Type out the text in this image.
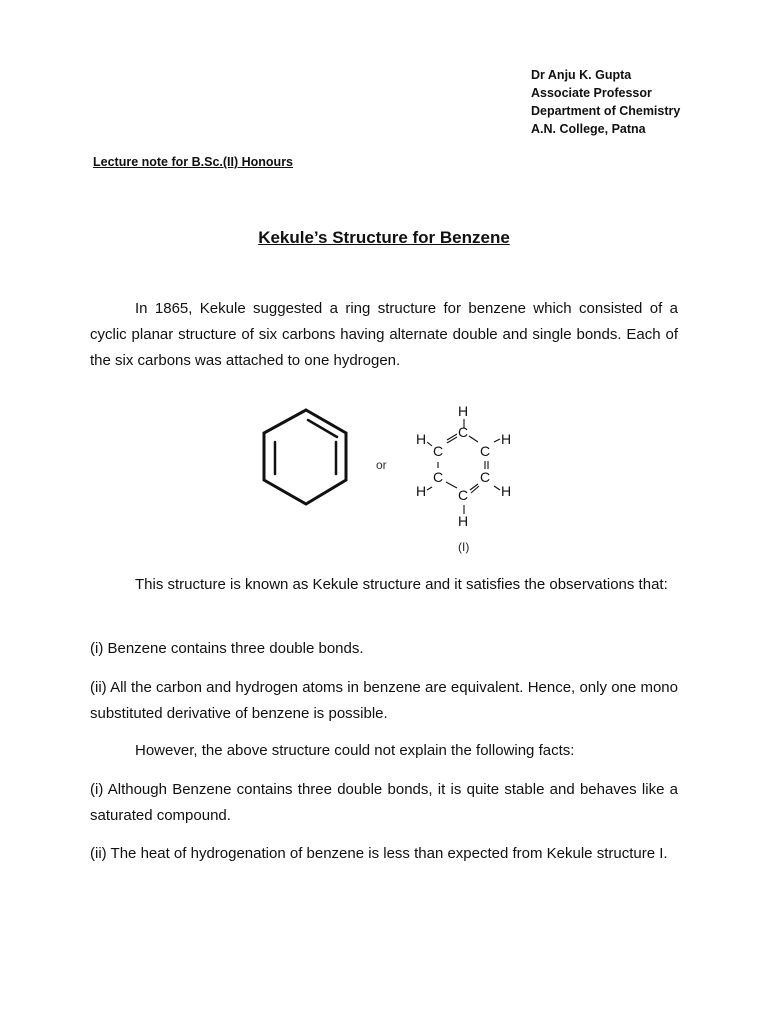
Dr Anju K. Gupta
Associate Professor
Department of Chemistry
A.N. College, Patna
Lecture note for B.Sc.(II) Honours
Kekule’s Structure for Benzene

In 1865, Kekule suggested a ring structure for benzene which consisted of a cyclic planar structure of six carbons having alternate double and single bonds. Each of the six carbons was attached to one hydrogen.

or
H
H	H
H	H
H
C
C	C
C	C
C
(I)

This structure is known as Kekule structure and it satisfies the observations that:

(i) Benzene contains three double bonds.

(ii) All the carbon and hydrogen atoms in benzene are equivalent. Hence, only one mono substituted derivative of benzene is possible.

However, the above structure could not explain the following facts:

(i) Although Benzene contains three double bonds, it is quite stable and behaves like a saturated compound.

(ii) The heat of hydrogenation of benzene is less than expected from Kekule structure I.
